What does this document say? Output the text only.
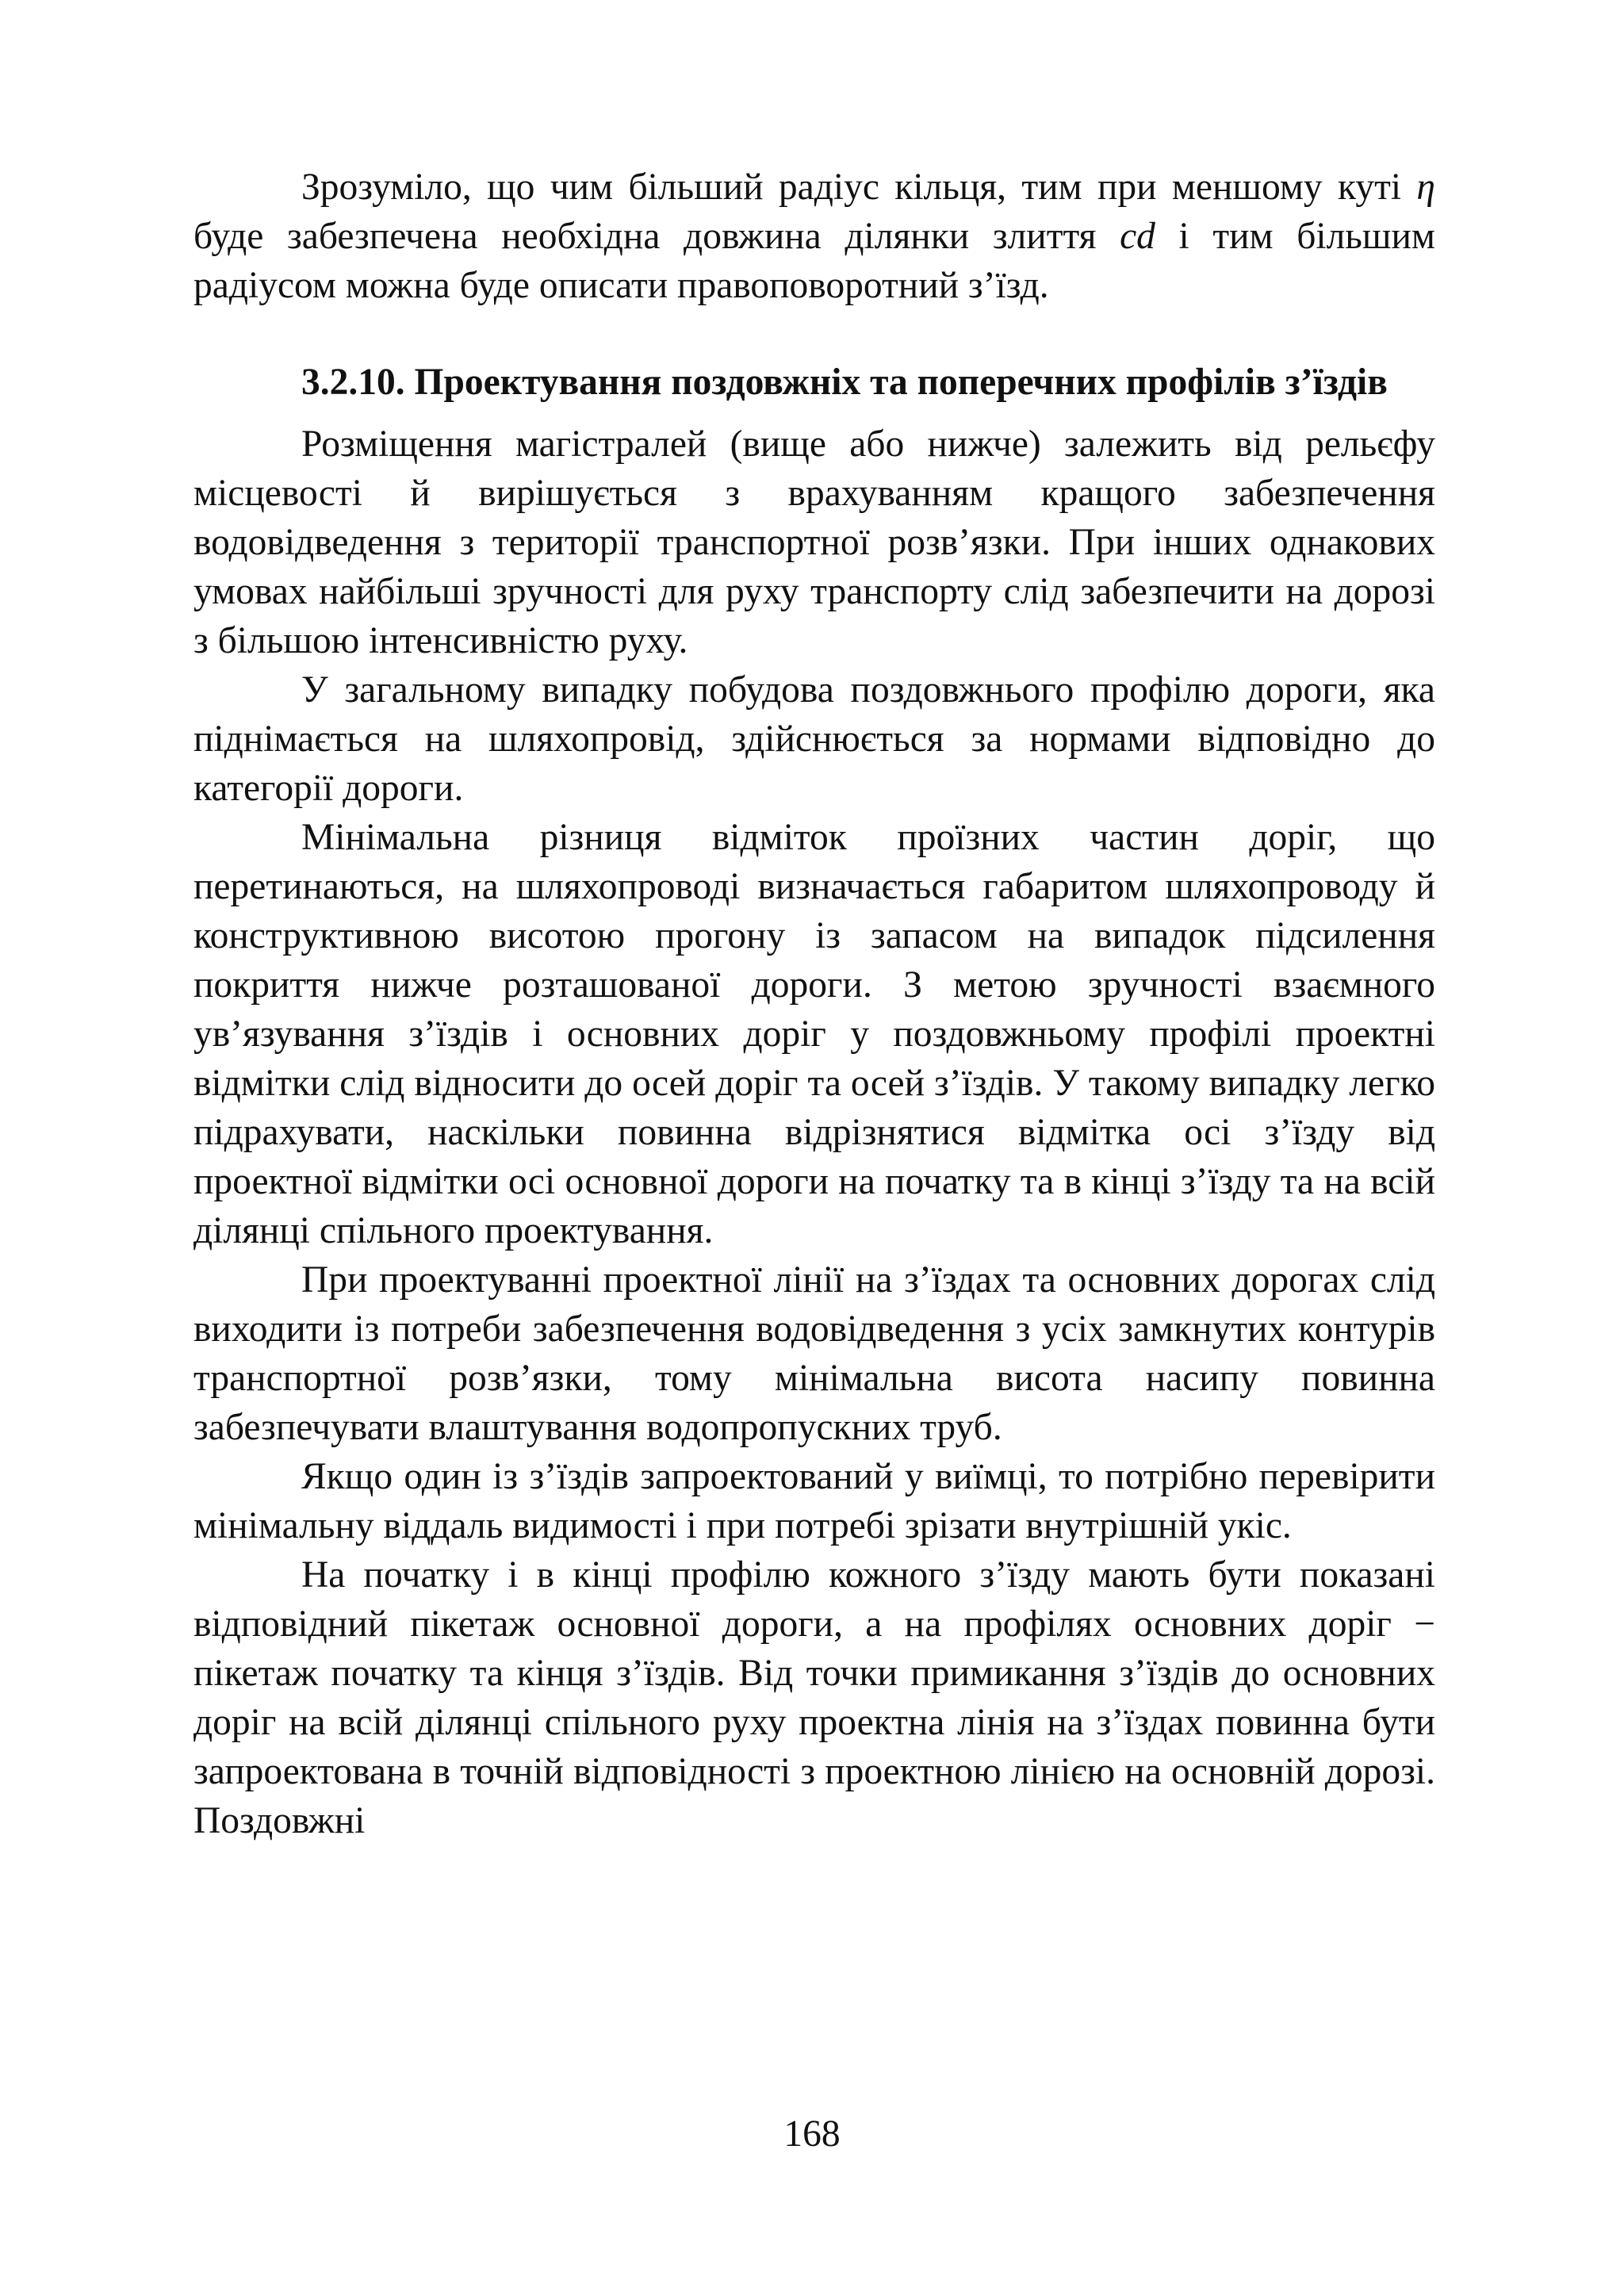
Зрозуміло, що чим більший радіус кільця, тим при меншому куті η буде забезпечена необхідна довжина ділянки злиття cd і тим більшим радіусом можна буде описати правоповоротний з’їзд.

3.2.10. Проектування поздовжніх та поперечних профілів з’їздів

Розміщення магістралей (вище або нижче) залежить від рельєфу місцевості й вирішується з врахуванням кращого забезпечення водовідведення з території транспортної розв’язки. При інших однакових умовах найбільші зручності для руху транспорту слід забезпечити на дорозі з більшою інтенсивністю руху.

У загальному випадку побудова поздовжнього профілю дороги, яка піднімається на шляхопровід, здійснюється за нормами відповідно до категорії дороги.

Мінімальна різниця відміток проїзних частин доріг, що перетинаються, на шляхопроводі визначається габаритом шляхопроводу й конструктивною висотою прогону із запасом на випадок підсилення покриття нижче розташованої дороги. З метою зручності взаємного ув’язування з’їздів і основних доріг у поздовжньому профілі проектні відмітки слід відносити до осей доріг та осей з’їздів. У такому випадку легко підрахувати, наскільки повинна відрізнятися відмітка осі з’їзду від проектної відмітки осі основної дороги на початку та в кінці з’їзду та на всій ділянці спільного проектування.

При проектуванні проектної лінії на з’їздах та основних дорогах слід виходити із потреби забезпечення водовідведення з усіх замкнутих контурів транспортної розв’язки, тому мінімальна висота насипу повинна забезпечувати влаштування водопропускних труб.

Якщо один із з’їздів запроектований у виїмці, то потрібно перевірити мінімальну віддаль видимості і при потребі зрізати внутрішній укіс.

На початку і в кінці профілю кожного з’їзду мають бути показані відповідний пікетаж основної дороги, а на профілях основних доріг − пікетаж початку та кінця з’їздів. Від точки примикання з’їздів до основних доріг на всій ділянці спільного руху проектна лінія на з’їздах повинна бути запроектована в точній відповідності з проектною лінією на основній дорозі. Поздовжні

168
